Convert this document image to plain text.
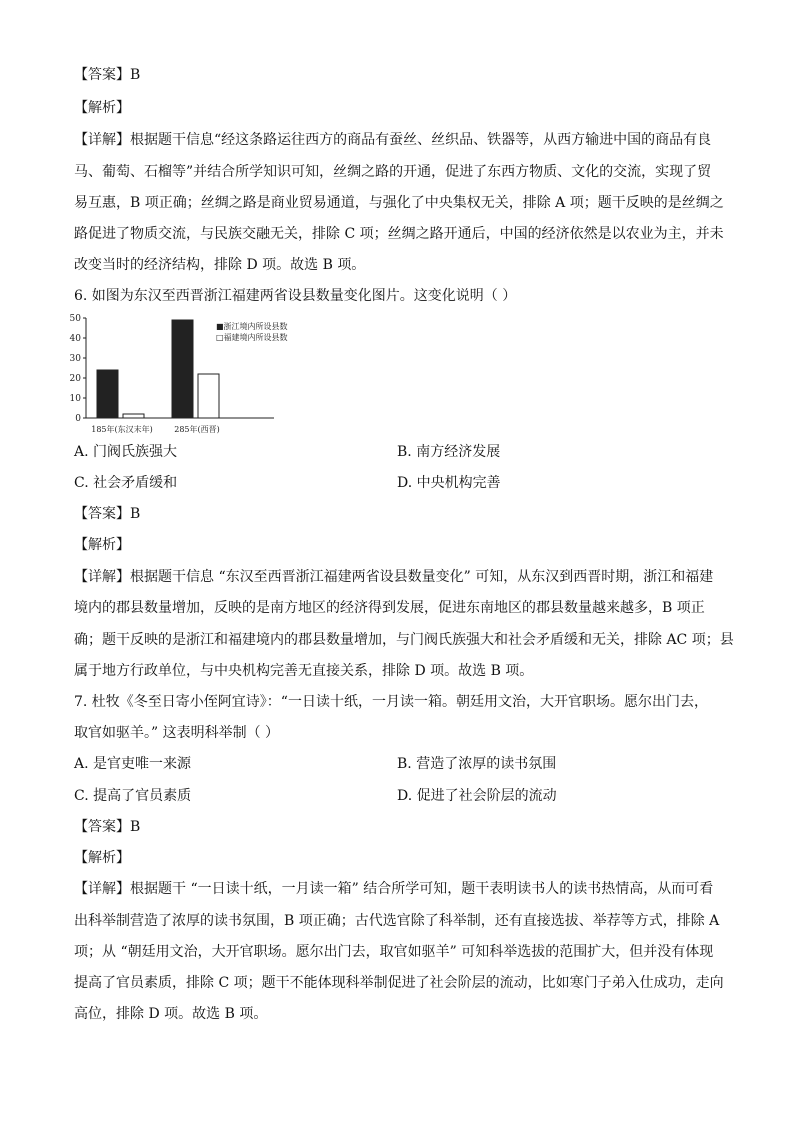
【答案】B
【解析】
【详解】根据题干信息“经这条路运往西方的商品有蚕丝、丝织品、铁器等，从西方输进中国的商品有良
马、葡萄、石榴等”并结合所学知识可知，丝绸之路的开通，促进了东西方物质、文化的交流，实现了贸
易互惠，B 项正确；丝绸之路是商业贸易通道，与强化了中央集权无关，排除 A 项；题干反映的是丝绸之
路促进了物质交流，与民族交融无关，排除 C 项；丝绸之路开通后，中国的经济依然是以农业为主，并未
改变当时的经济结构，排除 D 项。故选 B 项。
6. 如图为东汉至西晋浙江福建两省设县数量变化图片。这变化说明（ ）
50
40
30
20
10
0
185年(东汉末年)	285年(西晋)
■浙江境内所设县数
□福建境内所设县数
A. 门阀氏族强大	B. 南方经济发展
C. 社会矛盾缓和	D. 中央机构完善
【答案】B
【解析】
【详解】根据题干信息 “东汉至西晋浙江福建两省设县数量变化” 可知，从东汉到西晋时期，浙江和福建
境内的郡县数量增加，反映的是南方地区的经济得到发展，促进东南地区的郡县数量越来越多，B 项正
确；题干反映的是浙江和福建境内的郡县数量增加，与门阀氏族强大和社会矛盾缓和无关，排除 AC 项；县
属于地方行政单位，与中央机构完善无直接关系，排除 D 项。故选 B 项。
7. 杜牧《冬至日寄小侄阿宜诗》：“一日读十纸，一月读一箱。朝廷用文治，大开官职场。愿尔出门去，
取官如驱羊。” 这表明科举制（ ）
A. 是官吏唯一来源	B. 营造了浓厚的读书氛围
C. 提高了官员素质	D. 促进了社会阶层的流动
【答案】B
【解析】
【详解】根据题干 “一日读十纸，一月读一箱” 结合所学可知，题干表明读书人的读书热情高，从而可看
出科举制营造了浓厚的读书氛围，B 项正确；古代选官除了科举制，还有直接选拔、举荐等方式，排除 A
项；从 “朝廷用文治，大开官职场。愿尔出门去，取官如驱羊” 可知科举选拔的范围扩大，但并没有体现
提高了官员素质，排除 C 项；题干不能体现科举制促进了社会阶层的流动，比如寒门子弟入仕成功，走向
高位，排除 D 项。故选 B 项。
